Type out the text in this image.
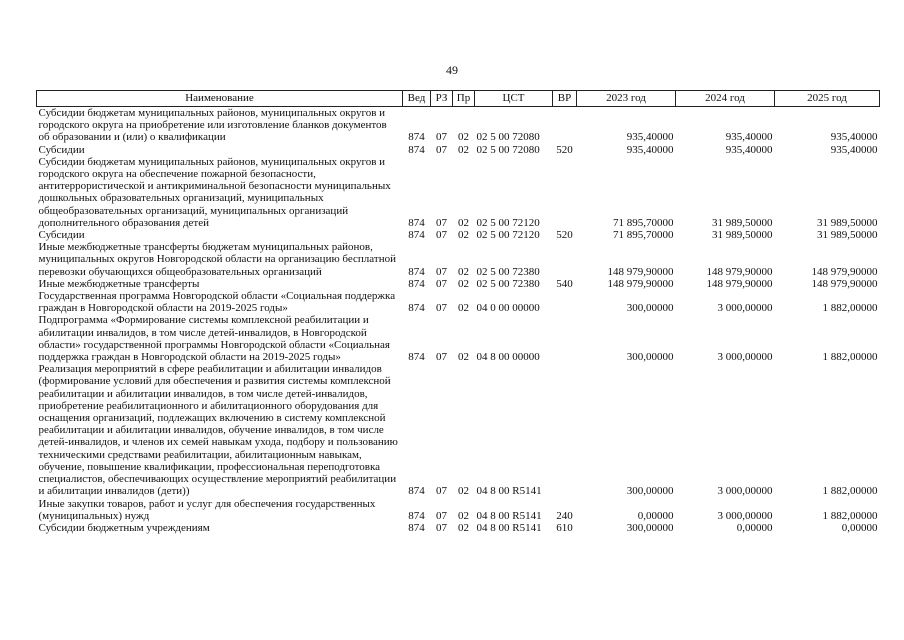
49
Наименование	Вед	РЗ	Пр	ЦСТ	ВР	2023 год	2024 год	2025 год
Субсидии бюджетам муниципальных районов, муниципальных округов и городского округа на приобретение или изготовление бланков документов об образовании и (или) о квалификации	874	07	02	02 5 00 72080		935,40000	935,40000	935,40000
Субсидии	874	07	02	02 5 00 72080	520	935,40000	935,40000	935,40000
Субсидии бюджетам муниципальных районов, муниципальных округов и городского округа на обеспечение пожарной безопасности, антитеррористической и антикриминальной безопасности муниципальных дошкольных образовательных организаций, муниципальных общеобразовательных организаций, муниципальных организаций дополнительного образования детей	874	07	02	02 5 00 72120		71 895,70000	31 989,50000	31 989,50000
Субсидии	874	07	02	02 5 00 72120	520	71 895,70000	31 989,50000	31 989,50000
Иные межбюджетные трансферты бюджетам муниципальных районов, муниципальных округов Новгородской области на организацию бесплатной перевозки обучающихся общеобразовательных организаций	874	07	02	02 5 00 72380		148 979,90000	148 979,90000	148 979,90000
Иные межбюджетные трансферты	874	07	02	02 5 00 72380	540	148 979,90000	148 979,90000	148 979,90000
Государственная программа Новгородской области «Социальная поддержка граждан в Новгородской области на 2019-2025 годы»	874	07	02	04 0 00 00000		300,00000	3 000,00000	1 882,00000
Подпрограмма «Формирование системы комплексной реабилитации и абилитации инвалидов, в том числе детей-инвалидов, в Новгородской области» государственной программы Новгородской области «Социальная поддержка граждан в Новгородской области на 2019-2025 годы»	874	07	02	04 8 00 00000		300,00000	3 000,00000	1 882,00000
Реализация мероприятий в сфере реабилитации и абилитации инвалидов (формирование условий для обеспечения и развития системы комплексной реабилитации и абилитации инвалидов, в том числе детей-инвалидов, приобретение реабилитационного и абилитационного оборудования для оснащения организаций, подлежащих включению в систему комплексной реабилитации и абилитации инвалидов, обучение инвалидов, в том числе детей-инвалидов, и членов их семей навыкам ухода, подбору и пользованию техническими средствами реабилитации, абилитационным навыкам, обучение, повышение квалификации, профессиональная переподготовка специалистов, обеспечивающих осуществление мероприятий реабилитации и абилитации инвалидов (дети))	874	07	02	04 8 00 R5141		300,00000	3 000,00000	1 882,00000
Иные закупки товаров, работ и услуг для обеспечения государственных (муниципальных) нужд	874	07	02	04 8 00 R5141	240	0,00000	3 000,00000	1 882,00000
Субсидии бюджетным учреждениям	874	07	02	04 8 00 R5141	610	300,00000	0,00000	0,00000
